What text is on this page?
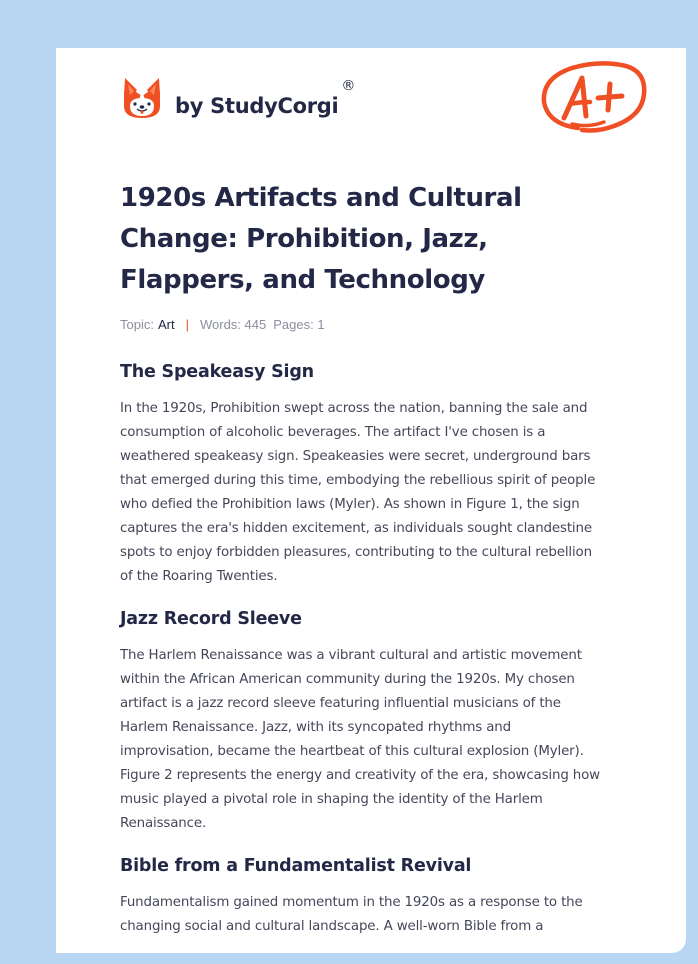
by StudyCorgi
®
1920s Artifacts and Cultural
Change: Prohibition, Jazz,
Flappers, and Technology
Topic: Art | Words: 445 Pages: 1
The Speakeasy Sign

In the 1920s, Prohibition swept across the nation, banning the sale and
consumption of alcoholic beverages. The artifact I've chosen is a
weathered speakeasy sign. Speakeasies were secret, underground bars
that emerged during this time, embodying the rebellious spirit of people
who defied the Prohibition laws (Myler). As shown in Figure 1, the sign
captures the era's hidden excitement, as individuals sought clandestine
spots to enjoy forbidden pleasures, contributing to the cultural rebellion
of the Roaring Twenties.

Jazz Record Sleeve

The Harlem Renaissance was a vibrant cultural and artistic movement
within the African American community during the 1920s. My chosen
artifact is a jazz record sleeve featuring influential musicians of the
Harlem Renaissance. Jazz, with its syncopated rhythms and
improvisation, became the heartbeat of this cultural explosion (Myler).
Figure 2 represents the energy and creativity of the era, showcasing how
music played a pivotal role in shaping the identity of the Harlem
Renaissance.

Bible from a Fundamentalist Revival

Fundamentalism gained momentum in the 1920s as a response to the
changing social and cultural landscape. A well-worn Bible from a
